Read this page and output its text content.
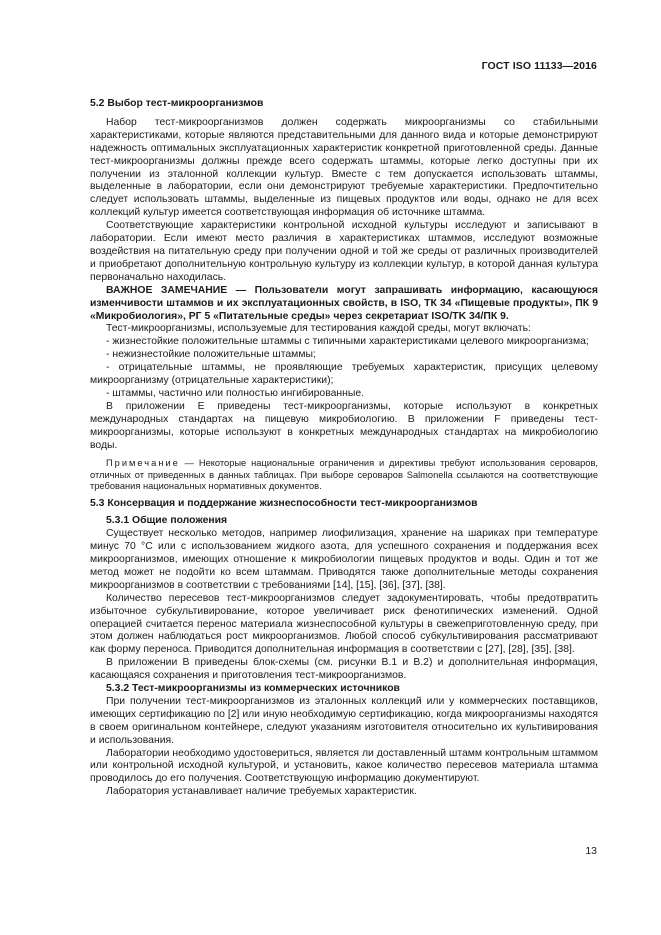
ГОСТ ISO 11133—2016
5.2 Выбор тест-микроорганизмов

Набор тест-микроорганизмов должен содержать микроорганизмы со стабильными характеристиками, которые являются представительными для данного вида и которые демонстрируют надежность оптимальных эксплуатационных характеристик конкретной приготовленной среды. Данные тест-микроорганизмы должны прежде всего содержать штаммы, которые легко доступны при их получении из эталонной коллекции культур. Вместе с тем допускается использовать штаммы, выделенные в лаборатории, если они демонстрируют требуемые характеристики. Предпочтительно следует использовать штаммы, выделенные из пищевых продуктов или воды, однако не для всех коллекций культур имеется соответствующая информация об источнике штамма.

Соответствующие характеристики контрольной исходной культуры исследуют и записывают в лаборатории. Если имеют место различия в характеристиках штаммов, исследуют возможные воздействия на питательную среду при получении одной и той же среды от различных производителей и приобретают дополнительную контрольную культуру из коллекции культур, в которой данная культура первоначально находилась.

ВАЖНОЕ ЗАМЕЧАНИЕ — Пользователи могут запрашивать информацию, касающуюся изменчивости штаммов и их эксплуатационных свойств, в ISO, ТК 34 «Пищевые продукты», ПК 9 «Микробиология», РГ 5 «Питательные среды» через секретариат ISO/TK 34/ПК 9.

Тест-микроорганизмы, используемые для тестирования каждой среды, могут включать:

- жизнестойкие положительные штаммы с типичными характеристиками целевого микроорганизма;
- нежизнестойкие положительные штаммы;
- отрицательные штаммы, не проявляющие требуемых характеристик, присущих целевому микроорганизму (отрицательные характеристики);
- штаммы, частично или полностью ингибированные.

В приложении Е приведены тест-микроорганизмы, которые используют в конкретных международных стандартах на пищевую микробиологию. В приложении F приведены тест-микроорганизмы, которые используют в конкретных международных стандартах на микробиологию воды.

Примечание — Некоторые национальные ограничения и директивы требуют использования сероваров, отличных от приведенных в данных таблицах. При выборе сероваров Salmonella ссылаются на соответствующие требования национальных нормативных документов.

5.3 Консервация и поддержание жизнеспособности тест-микроорганизмов
5.3.1 Общие положения

Существует несколько методов, например лиофилизация, хранение на шариках при температуре минус 70 °С или с использованием жидкого азота, для успешного сохранения и поддержания всех микроорганизмов, имеющих отношение к микробиологии пищевых продуктов и воды. Один и тот же метод может не подойти ко всем штаммам. Приводятся также дополнительные методы сохранения микроорганизмов в соответствии с требованиями [14], [15], [36], [37], [38].

Количество пересевов тест-микроорганизмов следует задокументировать, чтобы предотвратить избыточное субкультивирование, которое увеличивает риск фенотипических изменений. Одной операцией считается перенос материала жизнеспособной культуры в свежеприготовленную среду, при этом должен наблюдаться рост микроорганизмов. Любой способ субкультивирования рассматривают как форму переноса. Приводится дополнительная информация в соответствии с [27], [28], [35], [38].

В приложении В приведены блок-схемы (см. рисунки В.1 и В.2) и дополнительная информация, касающаяся сохранения и приготовления тест-микроорганизмов.

5.3.2 Тест-микроорганизмы из коммерческих источников

При получении тест-микроорганизмов из эталонных коллекций или у коммерческих поставщиков, имеющих сертификацию по [2] или иную необходимую сертификацию, когда микроорганизмы находятся в своем оригинальном контейнере, следуют указаниям изготовителя относительно их культивирования и использования.

Лаборатории необходимо удостовериться, является ли доставленный штамм контрольным штаммом или контрольной исходной культурой, и установить, какое количество пересевов материала штамма проводилось до его получения. Соответствующую информацию документируют.

Лаборатория устанавливает наличие требуемых характеристик.

13
